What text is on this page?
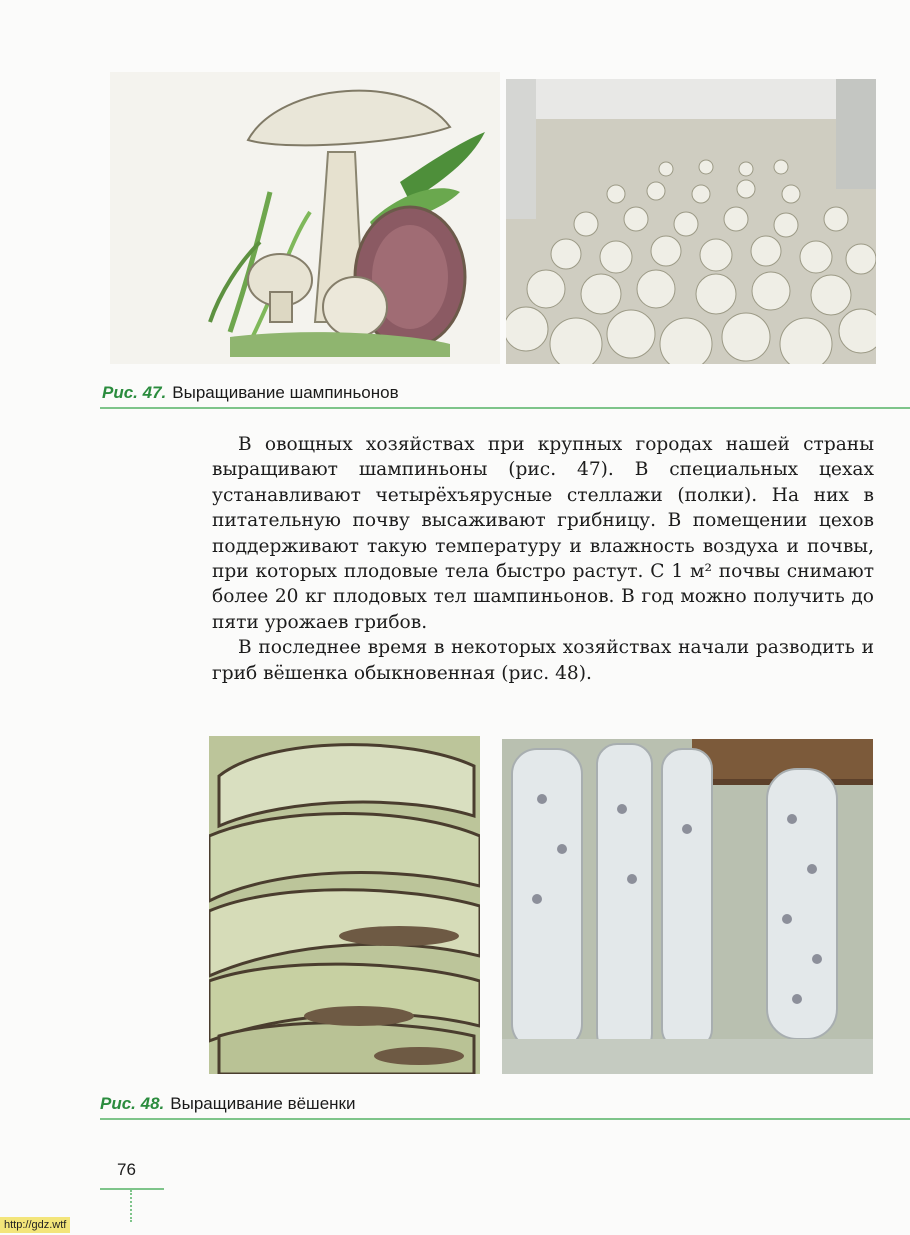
Рис. 47. Выращивание шампиньонов

В овощных хозяйствах при крупных городах нашей страны выращивают шампиньоны (рис. 47). В специальных цехах устанавливают четырёхъярусные стеллажи (полки). На них в питательную почву высаживают грибницу. В помещении цехов поддерживают такую температуру и влажность воздуха и почвы, при которых плодовые тела быстро растут. С 1 м² почвы снимают более 20 кг плодовых тел шампиньонов. В год можно получить до пяти урожаев грибов.

В последнее время в некоторых хозяйствах начали разводить и гриб вёшенка обыкновенная (рис. 48).

Рис. 48. Выращивание вёшенки
76
http://gdz.wtf
